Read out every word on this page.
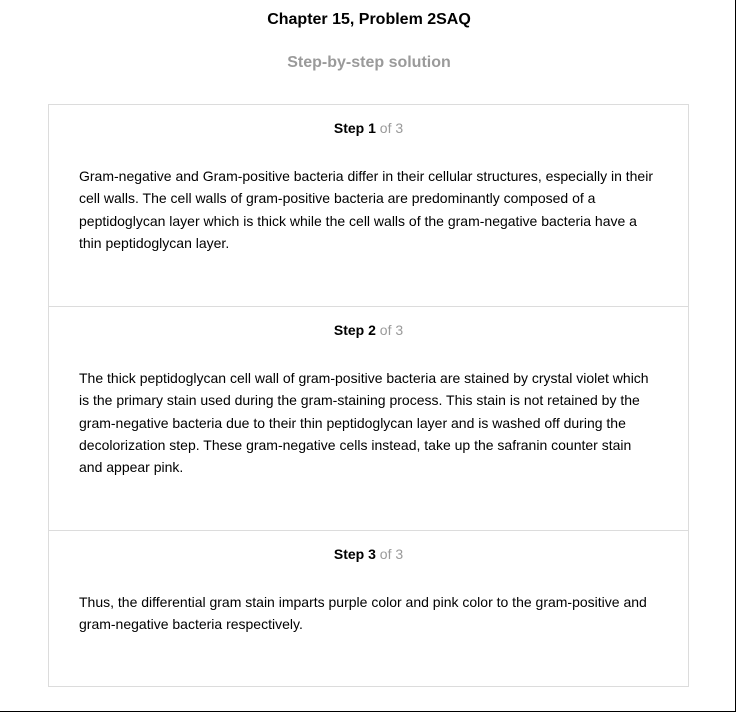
Chapter 15, Problem 2SAQ
Step-by-step solution
Step 1 of 3
Gram-negative and Gram-positive bacteria differ in their cellular structures, especially in their cell walls. The cell walls of gram-positive bacteria are predominantly composed of a peptidoglycan layer which is thick while the cell walls of the gram-negative bacteria have a thin peptidoglycan layer.
Step 2 of 3
The thick peptidoglycan cell wall of gram-positive bacteria are stained by crystal violet which is the primary stain used during the gram-staining process. This stain is not retained by the gram-negative bacteria due to their thin peptidoglycan layer and is washed off during the decolorization step. These gram-negative cells instead, take up the safranin counter stain and appear pink.
Step 3 of 3
Thus, the differential gram stain imparts purple color and pink color to the gram-positive and gram-negative bacteria respectively.
